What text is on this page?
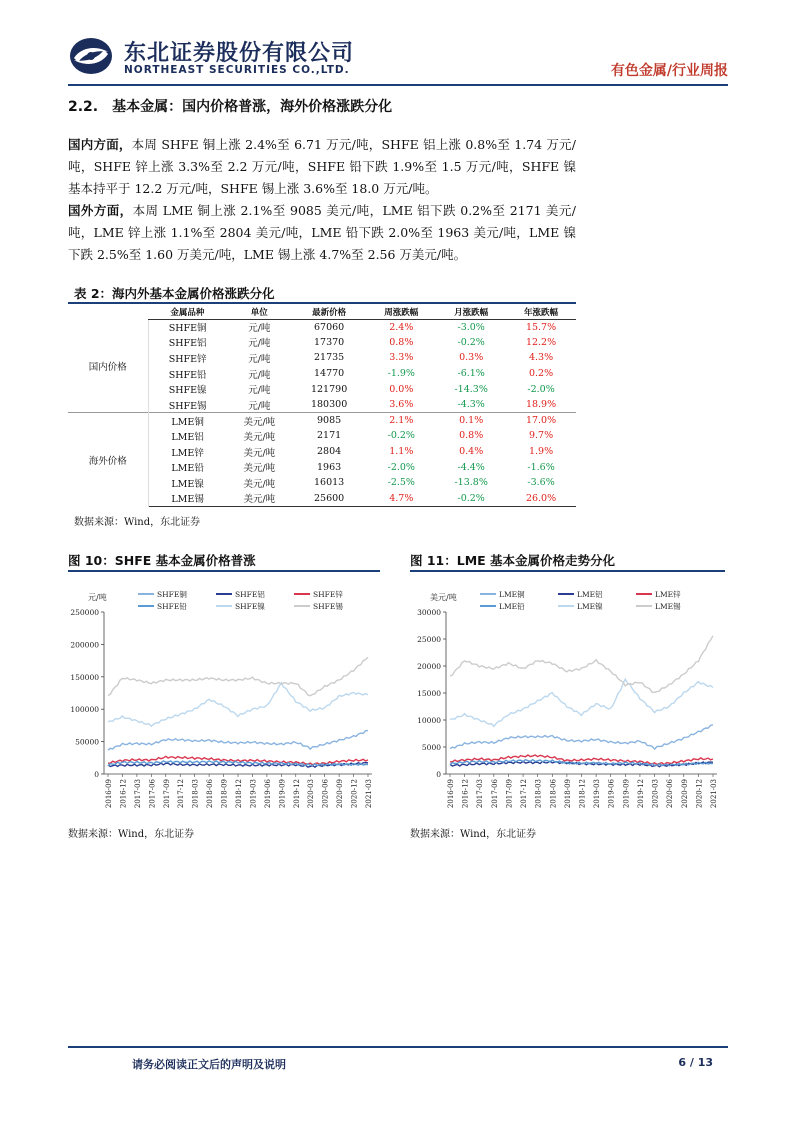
东北证券股份有限公司
NORTHEAST SECURITIES CO.,LTD.	有色金属/行业周报
2.2. 基本金属：国内价格普涨，海外价格涨跌分化
国内方面，本周 SHFE 铜上涨 2.4%至 6.71 万元/吨，SHFE 铝上涨 0.8%至 1.74 万元/吨，SHFE 锌上涨 3.3%至 2.2 万元/吨，SHFE 铅下跌 1.9%至 1.5 万元/吨，SHFE 镍基本持平于 12.2 万元/吨，SHFE 锡上涨 3.6%至 18.0 万元/吨。
国外方面，本周 LME 铜上涨 2.1%至 9085 美元/吨，LME 铝下跌 0.2%至 2171 美元/吨，LME 锌上涨 1.1%至 2804 美元/吨，LME 铅下跌 2.0%至 1963 美元/吨，LME 镍下跌 2.5%至 1.60 万美元/吨，LME 锡上涨 4.7%至 2.56 万美元/吨。
表 2：海内外基本金属价格涨跌分化
	金属品种	单位	最新价格	周涨跌幅	月涨跌幅	年涨跌幅
国内价格	SHFE铜	元/吨	67060	2.4%	-3.0%	15.7%
	SHFE铝	元/吨	17370	0.8%	-0.2%	12.2%
	SHFE锌	元/吨	21735	3.3%	0.3%	4.3%
	SHFE铅	元/吨	14770	-1.9%	-6.1%	0.2%
	SHFE镍	元/吨	121790	0.0%	-14.3%	-2.0%
	SHFE锡	元/吨	180300	3.6%	-4.3%	18.9%
海外价格	LME铜	美元/吨	9085	2.1%	0.1%	17.0%
	LME铝	美元/吨	2171	-0.2%	0.8%	9.7%
	LME锌	美元/吨	2804	1.1%	0.4%	1.9%
	LME铅	美元/吨	1963	-2.0%	-4.4%	-1.6%
	LME镍	美元/吨	16013	-2.5%	-13.8%	-3.6%
	LME锡	美元/吨	25600	4.7%	-0.2%	26.0%
数据来源：Wind，东北证券
图 10：SHFE 基本金属价格普涨
元/吨	SHFE铜	SHFE铝	SHFE锌
SHFE铅	SHFE镍	SHFE锡
0
50000
100000
150000
200000
250000
2016-09 2016-12 2017-03 2017-06 2017-09 2017-12 2018-03 2018-06 2018-09 2018-12 2019-03 2019-06 2019-09 2019-12 2020-03 2020-06 2020-09 2020-12 2021-03
数据来源：Wind，东北证券
图 11：LME 基本金属价格走势分化
美元/吨	LME铜	LME铝	LME锌
LME铅	LME镍	LME锡
0
5000
10000
15000
20000
25000
30000
2016-09 2016-12 2017-03 2017-06 2017-09 2017-12 2018-03 2018-06 2018-09 2018-12 2019-03 2019-06 2019-09 2019-12 2020-03 2020-06 2020-09 2020-12 2021-03
数据来源：Wind，东北证券
请务必阅读正文后的声明及说明	6 / 13
